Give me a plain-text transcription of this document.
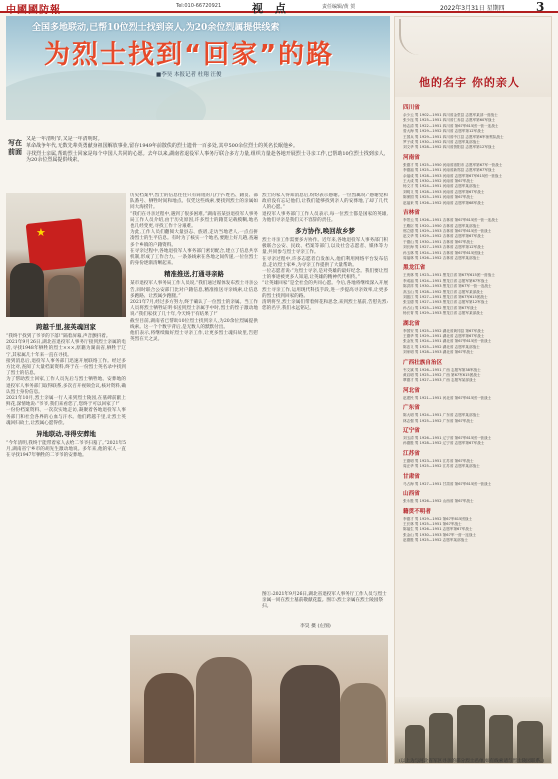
中國國防報	Tel:010-66720921	视 点	责任编辑/黄 贺	2022年3月31日 星期四	3
全国多地联动,已帮10位烈士找到亲人,为20余位烈属提供线索
为烈士找到“回家”的路
■李昊 本报记者 杜翔 汪俊
写在前面

又是一年清明节,又是一年清明时。

革命战争年代,无数先辈英勇献身祖国解放事业,留存1949年前散佚的烈士遗骨一百多处,其中500余位烈士的英名长眠他乡。

寻找烈士亲属,帮助烈士回家是每个中国人共同的心愿。去年以来,湖南省退役军人事务厅联合多方力量,组织力量赴各地开展烈士寻亲工作,已帮助10位烈士找到亲人,为20余位烈属提供线索。

★
跨越千里,接英魂回家

“我终于找到了爷爷的下落!”隔着屏幕,声音颤抖着。

2021年9月26日,湖北省退役军人事务厅接到烈士亲属的电话,寻找1948年牺牲的烈士×××,原籍为湖南省,牺牲于辽宁,其家属几十年来一直在寻找。

接到消息后,退役军人事务部门迅速开展联络工作。经过多方比对,查阅了大量档案资料,终于在一份烈士英名录中找到了烈士的信息。

为了帮助烈士回家,工作人员先后与烈士牺牲地、安葬地的退役军人事务部门取得联系,多次召开视频会议,核对资料,确认烈士身份信息。

2021年10月,烈士亲属一行人来到烈士陵园,在墓碑前献上鲜花,深情地说:“爷爷,我们来看您了,您终于可以回家了!”

一份份档案资料、一次次实地走访,凝聚着各地退役军人事务部门和社会各界的心血与汗水。他们跨越千里,让烈士英魂回归故土,让烈属心愿得偿。

异地联动,寻得安葬地

“今年清明,我终于能带着家人去给二爷爷扫墓了。”2021年5月,湖南省宁乡市的胡先生激动地说。多年来,他的家人一直在寻找1947年牺牲的二爷爷的安葬地。

历史档案中,烈士的信息往往只有简短的几行字:姓名、籍贯、部队番号、牺牲时间和地点。仅凭这些线索,要找到烈士的亲属如同大海捞针。

“我们在寻亲过程中,遇到了很多困难。”湖南省某县退役军人事务局工作人员介绍,由于历史原因,许多烈士的籍贯记载模糊,地名也几经变更,寻找工作十分艰难。

为此,工作人员们翻阅大量县志、族谱,走访当地老人,一点点拼凑烈士的生平信息。有时为了核实一个地名,要跑上好几趟,查遍多个乡镇的户籍资料。

在寻亲过程中,各地退役军人事务部门密切配合,建立了信息共享机制,形成了工作合力。一条条线索在各地之间传递,一位位烈士的身份逐渐清晰起来。

精准推送,打通寻亲路

某市退役军人事务局工作人员说,“我们通过媒体发布烈士寻亲公告,同时联合公安部门比对户籍信息,精准推送寻亲线索,让信息多跑路、让烈属少跑腿。”

2021年7月,经过多方努力,终于确认了一位烈士的亲属。当工作人员将烈士牺牲证明书送到烈士亲属手中时,烈士的侄子激动地说:“我们家找了几十年,今天终于有结果了!”

截至目前,湖南省已帮助10位烈士找到亲人,为20余位烈属提供线索。这一个个数字背后,是无数人的默默付出。

他们表示,将继续做好烈士寻亲工作,让更多烈士魂归故里,告慰英烈在天之灵。

烈士的家人得知消息后,纷纷表示感谢。一位烈属说:“感谢党和政府没有忘记他们,让我们能够找到亲人的安葬地,了却了几代人的心愿。”

退役军人事务部门工作人员表示,每一位烈士都是国家的英雄,为他们寻亲是我们义不容辞的责任。

多方协作,唤回故乡梦

烈士寻亲工作需要多方协作。近年来,各地退役军人事务部门积极联合公安、民政、档案等部门,以及社会志愿者、媒体等力量,共同参与烈士寻亲工作。

在寻亲过程中,许多志愿者自发加入,他们利用网络平台发布信息,走访烈士家乡,为寻亲工作提供了大量帮助。

一位志愿者说:“为烈士寻亲,是对英雄的最好纪念。我们要让烈士的事迹被更多人知道,让英雄的精神代代相传。”

“让英雄回家”是全社会的共同心愿。今后,各地将继续深入开展烈士寻亲工作,运用现代科技手段,进一步提高寻亲效率,让更多的烈士找到回家的路。

清明将至,烈士亲属们带着鲜花和思念,来到烈士墓前,告慰先烈:您的名字,我们永远铭记。

图①:2021年9月26日,湖北省退役军人事务厅工作人员与烈士亲属一同在烈士墓前敬献花篮。图②:烈士亲属在烈士陵园祭扫。
李昊 摄 (左图)
他的名字 你的亲人
四川省
余少云 男 1902—1951 四川省金堂县 志愿军某部一营战士
张少连 男 1925—1951 四川省仁寿县 志愿军第60军战士
杨志清 男 1922—1951 四川省 第67军615团一营一连战士
曾大海 男 1929—1952 四川省 志愿军第12军战士
王国兵 男 1929—1951 四川省中江县 志愿军第6军侦察队战士
罗子成 男 1930—1952 四川省 志愿军某部战士
刘文华 男 1928—1952 四川省资阳县 志愿军第12军战士
河南省
张德才 男 1925—1950 河南省洛阳市 志愿军第67军一营战士
李德福 男 1925—1951 河南省新郑县 志愿军第67军战士
余福成 男 1928—1953 河南省 志愿军第67军615团一营战士
王大成 男 1930—1952 河南省 第67军战士
杨文才 男 1924—1951 河南省 志愿军某部战士
刘明义 男 1928—1953 河南省 志愿军第67军战士
陈保国 男 1925—1951 河南省 第67军战士
赵福来 男 1926—1952 河南省 志愿军第68军战士
吉林省
李景云 男 1926—1951 吉林省 第67军615团一营一连战士
王殿臣 男 1920—1950 吉林省 志愿军某部战士
邢立德 男 1929—1953 吉林省 第67军615团一营战士
赵文华 男 1929—1952 吉林省 志愿军第67军战士
于德山 男 1930—1951 吉林省 第67军战士
刘长海 男 1927—1953 吉林省 志愿军第12军战士
孙玉林 男 1924—1951 吉林省 第67军615团战士
周福林 男 1926—1952 吉林省 志愿军某部战士
黑龙江省
王贵林 男 1923—1951 黑龙江省 第67军615团一营战士
李成福 男 1924—1951 黑龙江省 志愿军第67军战士
陈洪祥 男 1930—1953 黑龙江省 第67军一营一连战士
高玉山 男 1928—1952 黑龙江省 志愿军某部战士
刘振江 男 1927—1951 黑龙江省 第67军615团战士
张宝德 男 1927—1953 黑龙江省 志愿军第12军战士
孙占山 男 1925—1952 黑龙江省 第67军战士
杨长青 男 1929—1953 黑龙江省 志愿军某部战士
湖北省
李国安 男 1925—1952 湖北省黄冈县 第67军战士
王德华 男 1929—1951 湖北省 志愿军第67军战士
张金发 男 1924—1951 湖北省 第67军615团一营战士
陈忠义 男 1925—1952 湖北省 志愿军某部战士
刘家明 男 1928—1953 湖北省 第67军战士
广西壮族自治区
韦文斌 男 1926—1951 广西 志愿军第38军战士
黄启明 男 1925—1952 广西 第67军615团战士
覃德才 男 1927—1953 广西 志愿军某部战士
河北省
赵建民 男 1921—1951 河北省 第67军615团一营战士
广东省
陈大明 男 1924—1951 广东省 志愿军某部战士
林志强 男 1925—1952 广东省 第67军战士
辽宁省
刘玉清 男 1926—1951 辽宁省 第67军615团一营战士
孙德胜 男 1928—1952 辽宁省 志愿军第67军战士
江苏省
王德明 男 1923—1951 江苏省 第67军战士
周正华 男 1925—1952 江苏省 志愿军某部战士
甘肃省
马占海 男 1927—1951 甘肃省 第67军615团一营战士
山西省
张永胜 男 1926—1952 山西省 第67军战士
籍贯不明者
李德才 男 1929—1952 第67军615团战士
王长林 男 1925—1951 第67军战士
陈福生 男 1926—1951 志愿军第67军战士
张金山 男 1930—1953 第67军一营一连战士
赵德胜 男 1925—1952 志愿军某部战士
(以上为与河北省军区寻亲的部分烈士名单,如有线索请与烈士陵园联系。)
